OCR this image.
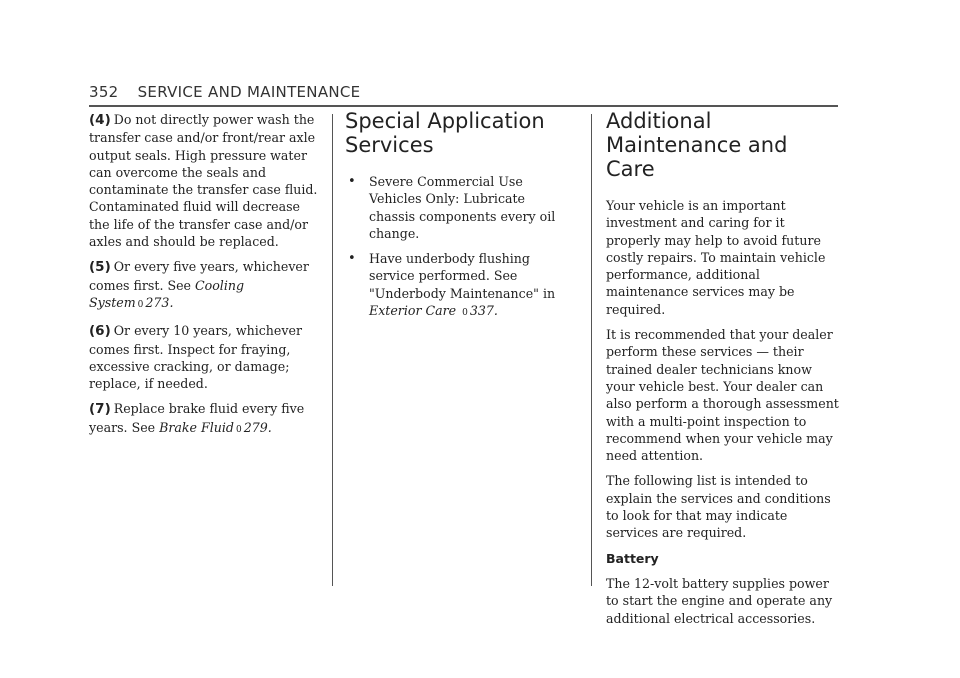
352 SERVICE AND MAINTENANCE

(4) Do not directly power wash the transfer case and/or front/rear axle output seals. High pressure water can overcome the seals and contaminate the transfer case fluid. Contaminated fluid will decrease the life of the transfer case and/or axles and should be replaced.

(5) Or every five years, whichever comes first. See Cooling System 0 273.

(6) Or every 10 years, whichever comes first. Inspect for fraying, excessive cracking, or damage; replace, if needed.

(7) Replace brake fluid every five years. See Brake Fluid 0 279.

Special Application Services
• Severe Commercial Use Vehicles Only: Lubricate chassis components every oil change.
• Have underbody flushing service performed. See "Underbody Maintenance" in Exterior Care 0 337.
Additional Maintenance and Care

Your vehicle is an important investment and caring for it properly may help to avoid future costly repairs. To maintain vehicle performance, additional maintenance services may be required.

It is recommended that your dealer perform these services — their trained dealer technicians know your vehicle best. Your dealer can also perform a thorough assessment with a multi-point inspection to recommend when your vehicle may need attention.

The following list is intended to explain the services and conditions to look for that may indicate services are required.

Battery

The 12-volt battery supplies power to start the engine and operate any additional electrical accessories.
